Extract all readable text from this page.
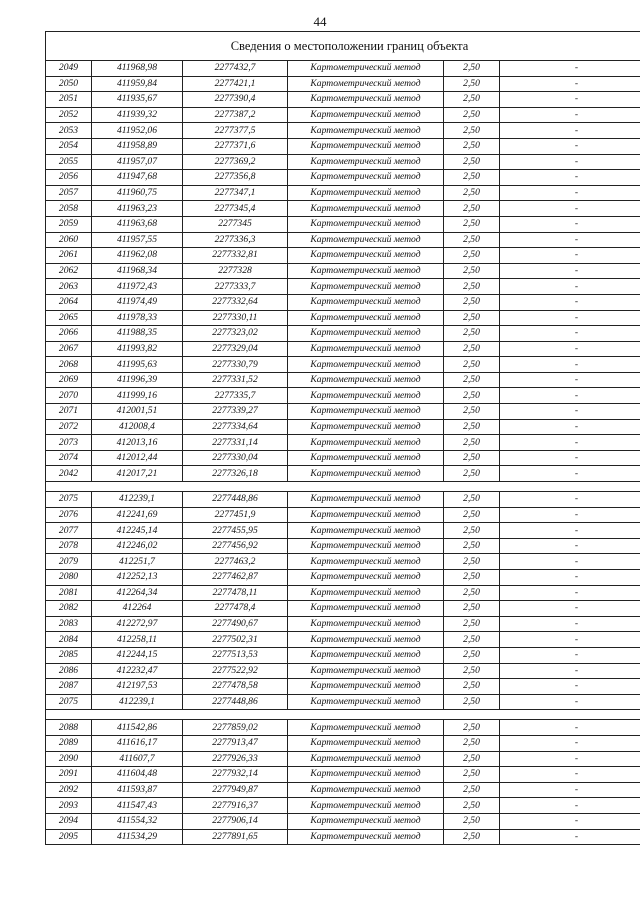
44
Сведения о местоположении границ объекта					
2049	411968,98	2277432,7	Картометрический метод	2,50	-
2050	411959,84	2277421,1	Картометрический метод	2,50	-
2051	411935,67	2277390,4	Картометрический метод	2,50	-
2052	411939,32	2277387,2	Картометрический метод	2,50	-
2053	411952,06	2277377,5	Картометрический метод	2,50	-
2054	411958,89	2277371,6	Картометрический метод	2,50	-
2055	411957,07	2277369,2	Картометрический метод	2,50	-
2056	411947,68	2277356,8	Картометрический метод	2,50	-
2057	411960,75	2277347,1	Картометрический метод	2,50	-
2058	411963,23	2277345,4	Картометрический метод	2,50	-
2059	411963,68	2277345	Картометрический метод	2,50	-
2060	411957,55	2277336,3	Картометрический метод	2,50	-
2061	411962,08	2277332,81	Картометрический метод	2,50	-
2062	411968,34	2277328	Картометрический метод	2,50	-
2063	411972,43	2277333,7	Картометрический метод	2,50	-
2064	411974,49	2277332,64	Картометрический метод	2,50	-
2065	411978,33	2277330,11	Картометрический метод	2,50	-
2066	411988,35	2277323,02	Картометрический метод	2,50	-
2067	411993,82	2277329,04	Картометрический метод	2,50	-
2068	411995,63	2277330,79	Картометрический метод	2,50	-
2069	411996,39	2277331,52	Картометрический метод	2,50	-
2070	411999,16	2277335,7	Картометрический метод	2,50	-
2071	412001,51	2277339,27	Картометрический метод	2,50	-
2072	412008,4	2277334,64	Картометрический метод	2,50	-
2073	412013,16	2277331,14	Картометрический метод	2,50	-
2074	412012,44	2277330,04	Картометрический метод	2,50	-
2042	412017,21	2277326,18	Картометрический метод	2,50	-

2075	412239,1	2277448,86	Картометрический метод	2,50	-
2076	412241,69	2277451,9	Картометрический метод	2,50	-
2077	412245,14	2277455,95	Картометрический метод	2,50	-
2078	412246,02	2277456,92	Картометрический метод	2,50	-
2079	412251,7	2277463,2	Картометрический метод	2,50	-
2080	412252,13	2277462,87	Картометрический метод	2,50	-
2081	412264,34	2277478,11	Картометрический метод	2,50	-
2082	412264	2277478,4	Картометрический метод	2,50	-
2083	412272,97	2277490,67	Картометрический метод	2,50	-
2084	412258,11	2277502,31	Картометрический метод	2,50	-
2085	412244,15	2277513,53	Картометрический метод	2,50	-
2086	412232,47	2277522,92	Картометрический метод	2,50	-
2087	412197,53	2277478,58	Картометрический метод	2,50	-
2075	412239,1	2277448,86	Картометрический метод	2,50	-

2088	411542,86	2277859,02	Картометрический метод	2,50	-
2089	411616,17	2277913,47	Картометрический метод	2,50	-
2090	411607,7	2277926,33	Картометрический метод	2,50	-
2091	411604,48	2277932,14	Картометрический метод	2,50	-
2092	411593,87	2277949,87	Картометрический метод	2,50	-
2093	411547,43	2277916,37	Картометрический метод	2,50	-
2094	411554,32	2277906,14	Картометрический метод	2,50	-
2095	411534,29	2277891,65	Картометрический метод	2,50	-
